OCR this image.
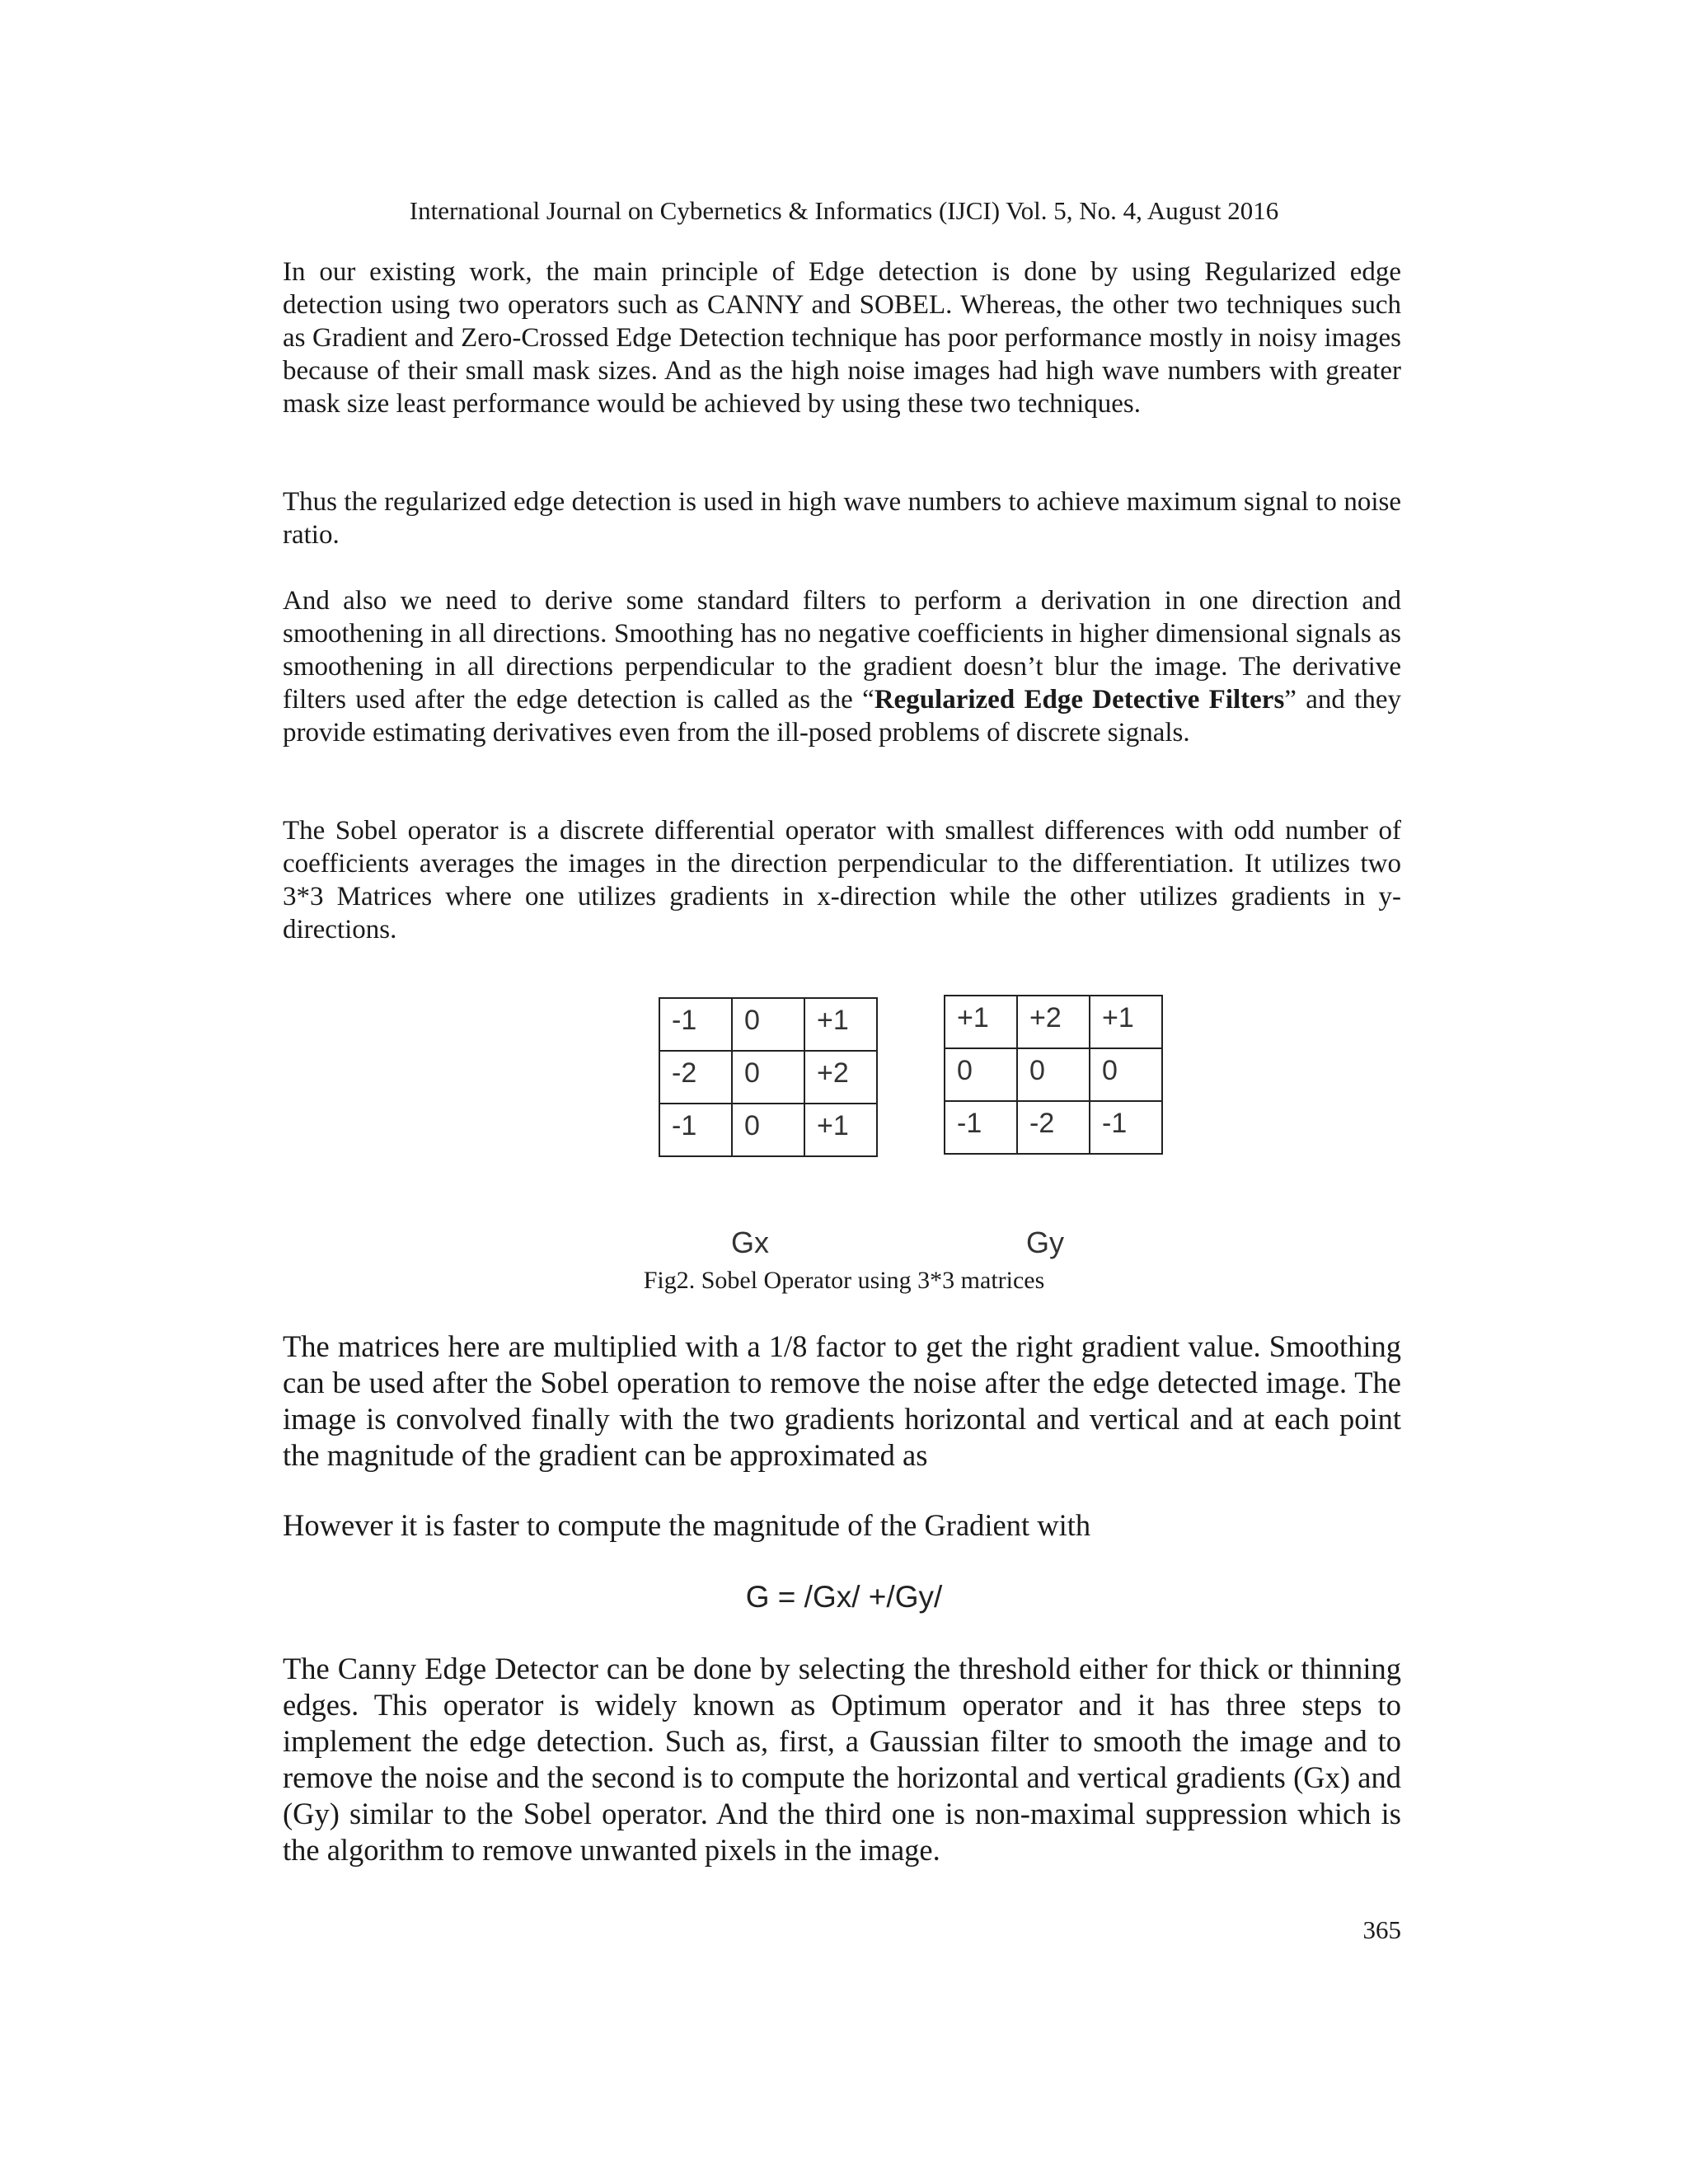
International Journal on Cybernetics & Informatics (IJCI) Vol. 5, No. 4, August 2016

In our existing work, the main principle of Edge detection is done by using Regularized edge detection using two operators such as CANNY and SOBEL. Whereas, the other two techniques such as Gradient and Zero-Crossed Edge Detection technique has poor performance mostly in noisy images because of their small mask sizes. And as the high noise images had high wave numbers with greater mask size least performance would be achieved by using these two techniques.

Thus the regularized edge detection is used in high wave numbers to achieve maximum signal to noise ratio.

And also we need to derive some standard filters to perform a derivation in one direction and smoothening in all directions. Smoothing has no negative coefficients in higher dimensional signals as smoothening in all directions perpendicular to the gradient doesn’t blur the image. The derivative filters used after the edge detection is called as the “Regularized Edge Detective Filters” and they provide estimating derivatives even from the ill-posed problems of discrete signals.

The Sobel operator is a discrete differential operator with smallest differences with odd number of coefficients averages the images in the direction perpendicular to the differentiation. It utilizes two 3*3 Matrices where one utilizes gradients in x-direction while the other utilizes gradients in y-directions.

-1	0	+1
-2	0	+2
-1	0	+1
+1	+2	+1
0	0	0
-1	-2	-1
Gx	Gy
Fig2. Sobel Operator using 3*3 matrices

The matrices here are multiplied with a 1/8 factor to get the right gradient value. Smoothing can be used after the Sobel operation to remove the noise after the edge detected image. The image is convolved finally with the two gradients horizontal and vertical and at each point the magnitude of the gradient can be approximated as

However it is faster to compute the magnitude of the Gradient with

G = /Gx/ +/Gy/

The Canny Edge Detector can be done by selecting the threshold either for thick or thinning edges. This operator is widely known as Optimum operator and it has three steps to implement the edge detection. Such as, first, a Gaussian filter to smooth the image and to remove the noise and the second is to compute the horizontal and vertical gradients (Gx) and (Gy) similar to the Sobel operator. And the third one is non-maximal suppression which is the algorithm to remove unwanted pixels in the image.

365
